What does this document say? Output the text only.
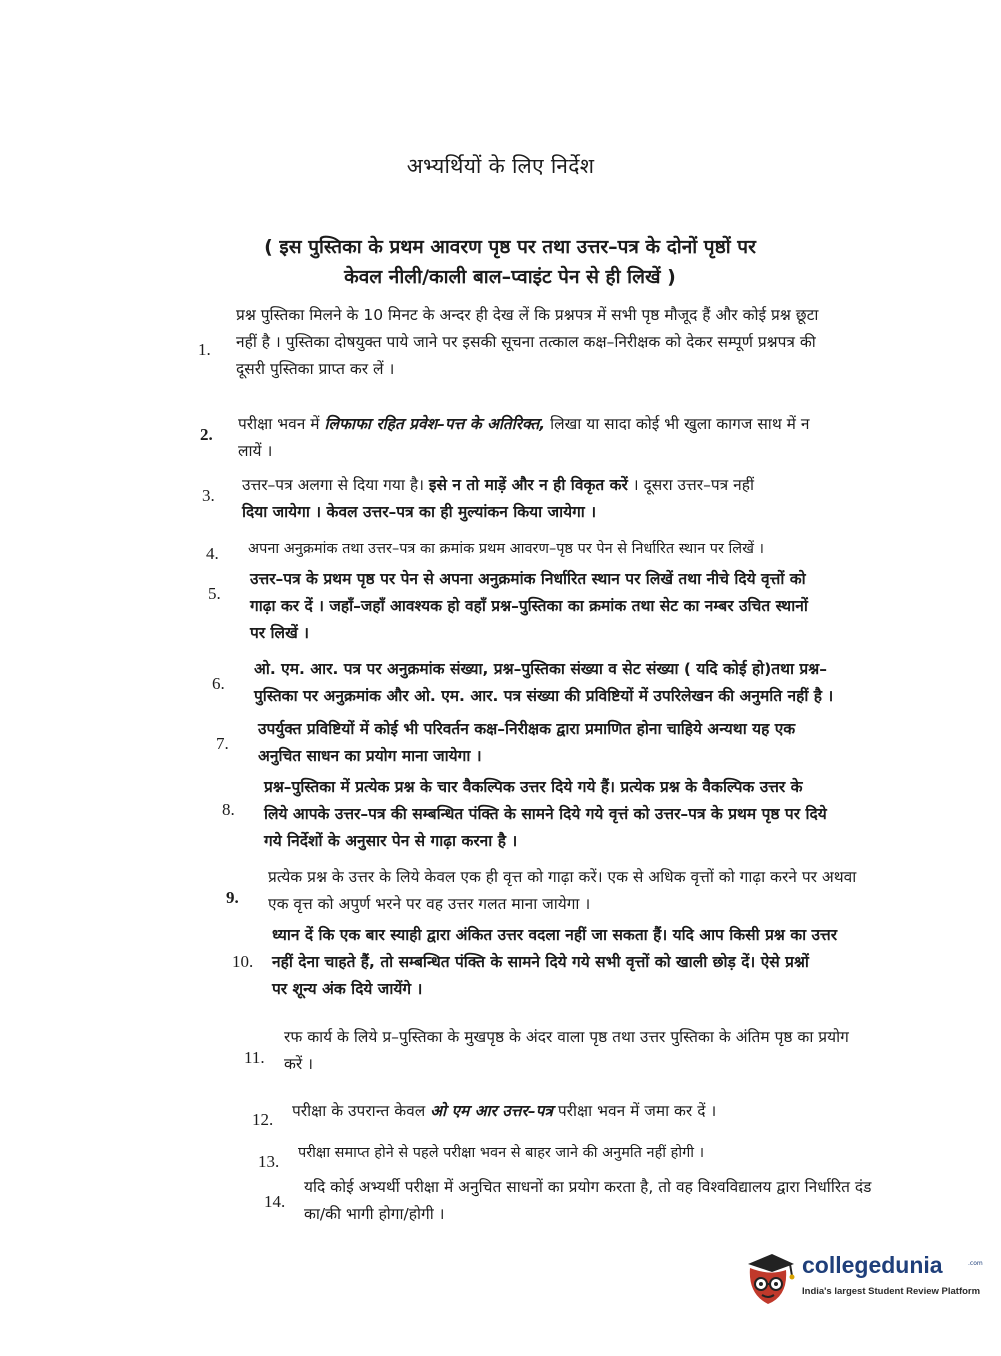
अभ्यर्थियों के लिए निर्देश
( इस पुस्तिका के प्रथम आवरण पृष्ठ पर तथा उत्तर–पत्र के दोनों पृष्ठों पर
केवल नीली/काली बाल–प्वाइंट पेन से ही लिखें )
1.
प्रश्न पुस्तिका मिलने के 10 मिनट के अन्दर ही देख लें कि प्रश्नपत्र में सभी पृष्ठ मौजूद हैं और कोई प्रश्न छूटा
नहीं है । पुस्तिका दोषयुक्त पाये जाने पर इसकी सूचना तत्काल कक्ष–निरीक्षक को देकर सम्पूर्ण प्रश्नपत्र की
दूसरी पुस्तिका प्राप्त कर लें ।
2.
परीक्षा भवन में लिफाफा रहित प्रवेश–पत्त के अतिरिक्त, लिखा या सादा कोई भी खुला कागज साथ में न
लायें ।
3.
उत्तर–पत्र अलगा से दिया गया है। इसे न तो माड़ें और न ही विकृत करें । दूसरा उत्तर–पत्र नहीं
दिया जायेगा । केवल उत्तर–पत्र का ही मुल्यांकन किया जायेगा ।
4.	अपना अनुक्रमांक तथा उत्तर–पत्र का क्रमांक प्रथम आवरण–पृष्ठ पर पेन से निर्धारित स्थान पर लिखें ।
5.
उत्तर–पत्र के प्रथम पृष्ठ पर पेन से अपना अनुक्रमांक निर्धारित स्थान पर लिखें तथा नीचे दिये वृत्तों को
गाढ़ा कर दें । जहाँ–जहाँ आवश्यक हो वहाँ प्रश्न–पुस्तिका का क्रमांक तथा सेट का नम्बर उचित स्थानों
पर लिखें ।
6.
ओ. एम. आर. पत्र पर अनुक्रमांक संख्या, प्रश्न–पुस्तिका संख्या व सेट संख्या ( यदि कोई हो)तथा प्रश्न–
पुस्तिका पर अनुक्रमांक और ओ. एम. आर. पत्र संख्या की प्रविष्टियों में उपरिलेखन की अनुमति नहीं है ।
7.
उपर्युक्त प्रविष्टियों में कोई भी परिवर्तन कक्ष–निरीक्षक द्वारा प्रमाणित होना चाहिये अन्यथा यह एक
अनुचित साधन का प्रयोग माना जायेगा ।
8.
प्रश्न–पुस्तिका में प्रत्येक प्रश्न के चार वैकल्पिक उत्तर दिये गये हैं। प्रत्येक प्रश्न के वैकल्पिक उत्तर के
लिये आपके उत्तर–पत्र की सम्बन्धित पंक्ति के सामने दिये गये वृत्तं को उत्तर–पत्र के प्रथम पृष्ठ पर दिये
गये निर्देशों के अनुसार पेन से गाढ़ा करना है ।
9.
प्रत्येक प्रश्न के उत्तर के लिये केवल एक ही वृत्त को गाढ़ा करें। एक से अधिक वृत्तों को गाढ़ा करने पर अथवा
एक वृत्त को अपुर्ण भरने पर वह उत्तर गलत माना जायेगा ।
10.
ध्यान दें कि एक बार स्याही द्वारा अंकित उत्तर वदला नहीं जा सकता हैं। यदि आप किसी प्रश्न का उत्तर
नहीं देना चाहते हैं, तो सम्बन्धित पंक्ति के सामने दिये गये सभी वृत्तों को खाली छोड़ दें। ऐसे प्रश्नों
पर शून्य अंक दिये जायेंगे ।
11.
रफ कार्य के लिये प्र–पुस्तिका के मुखपृष्ठ के अंदर वाला पृष्ठ तथा उत्तर पुस्तिका के अंतिम पृष्ठ का प्रयोग
करें ।
12.	परीक्षा के उपरान्त केवल ओ एम आर उत्तर–पत्र परीक्षा भवन में जमा कर दें ।
13.	परीक्षा समाप्त होने से पहले परीक्षा भवन से बाहर जाने की अनुमति नहीं होगी ।
14.
यदि कोई अभ्यर्थी परीक्षा में अनुचित साधनों का प्रयोग करता है, तो वह विश्वविद्यालय द्वारा निर्धारित दंड
का/की भागी होगा/होगी ।
collegedunia	.com
India's largest Student Review Platform
